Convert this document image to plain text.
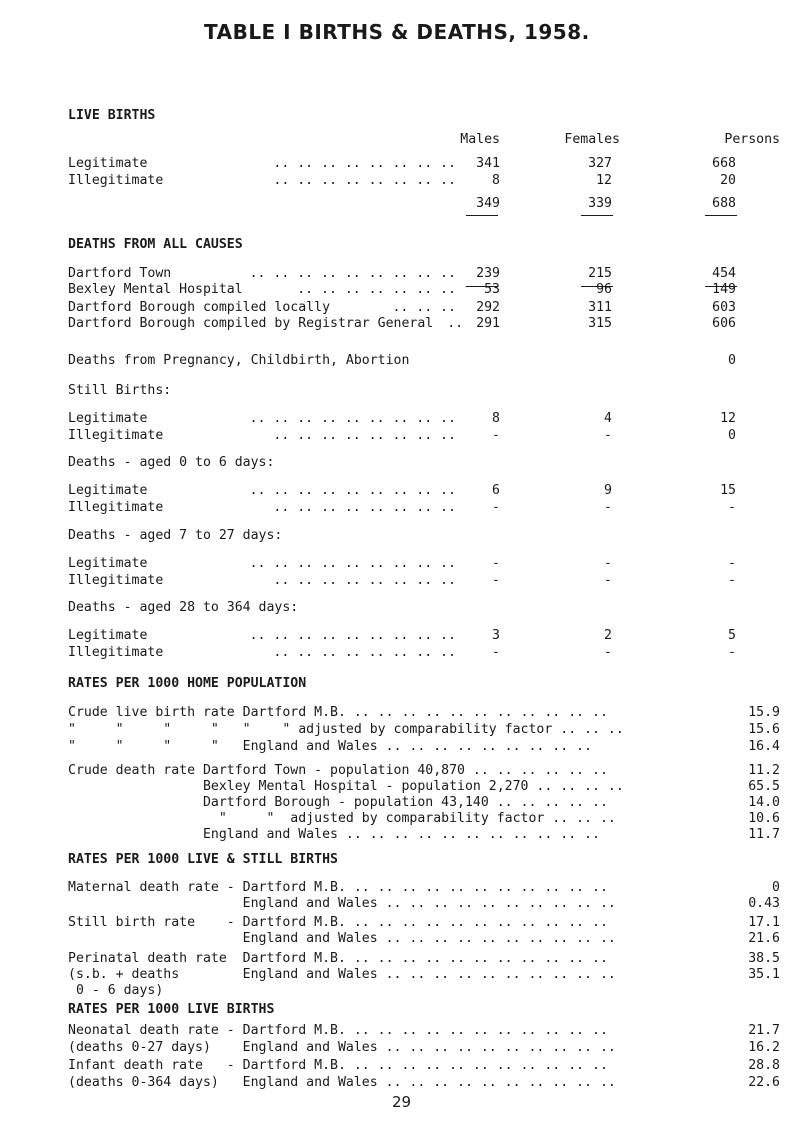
TABLE I BIRTHS & DEATHS, 1958.
LIVE BIRTHS
Males	Females	Persons
Legitimate	.. .. .. .. .. .. .. ..	341	327	668
Illegitimate	.. .. .. .. .. .. .. ..	8	12	20
349	339	688
DEATHS FROM ALL CAUSES
Dartford Town	.. .. .. .. .. .. .. .. ..	239	215	454
Bexley Mental Hospital	.. .. .. .. .. .. ..	53	96	149
Dartford Borough compiled locally	.. .. ..	292	311	603
Dartford Borough compiled by Registrar General .. 291	315	606
Deaths from Pregnancy, Childbirth, Abortion	0
Still Births:
Legitimate	.. .. .. .. .. .. .. .. ..	8	4	12
Illegitimate	.. .. .. .. .. .. .. ..	-	-	0
Deaths - aged 0 to 6 days:
Legitimate	.. .. .. .. .. .. .. .. ..	6	9	15
Illegitimate	.. .. .. .. .. .. .. ..	-	-	-
Deaths - aged 7 to 27 days:
Legitimate	.. .. .. .. .. .. .. .. ..	-	-	-
Illegitimate	.. .. .. .. .. .. .. ..	-	-	-
Deaths - aged 28 to 364 days:
Legitimate	.. .. .. .. .. .. .. .. ..	3	2	5
Illegitimate	.. .. .. .. .. .. .. ..	-	-	-
RATES PER 1000 HOME POPULATION
Crude live birth rate Dartford M.B. .. .. .. .. .. .. .. .. .. .. ..	15.9
"     "     "     "   "    " adjusted by comparability factor .. .. ..	15.6
"     "     "     "   England and Wales .. .. .. .. .. .. .. .. ..	16.4
Crude death rate Dartford Town - population 40,870 .. .. .. .. .. ..	11.2
Bexley Mental Hospital - population 2,270 .. .. .. ..	65.5
Dartford Borough - population 43,140 .. .. .. .. ..	14.0
"     "  adjusted by comparability factor .. .. ..	10.6
England and Wales .. .. .. .. .. .. .. .. .. .. ..	11.7
RATES PER 1000 LIVE & STILL BIRTHS
Maternal death rate - Dartford M.B. .. .. .. .. .. .. .. .. .. .. ..	0
England and Wales .. .. .. .. .. .. .. .. .. ..	0.43
Still birth rate    - Dartford M.B. .. .. .. .. .. .. .. .. .. .. ..	17.1
England and Wales .. .. .. .. .. .. .. .. .. ..	21.6
Perinatal death rate  Dartford M.B. .. .. .. .. .. .. .. .. .. .. ..	38.5
(s.b. + deaths        England and Wales .. .. .. .. .. .. .. .. .. ..	35.1
0 - 6 days)
RATES PER 1000 LIVE BIRTHS
Neonatal death rate - Dartford M.B. .. .. .. .. .. .. .. .. .. .. ..	21.7
(deaths 0-27 days)    England and Wales .. .. .. .. .. .. .. .. .. ..	16.2
Infant death rate   - Dartford M.B. .. .. .. .. .. .. .. .. .. .. ..	28.8
(deaths 0-364 days)   England and Wales .. .. .. .. .. .. .. .. .. ..	22.6
29
